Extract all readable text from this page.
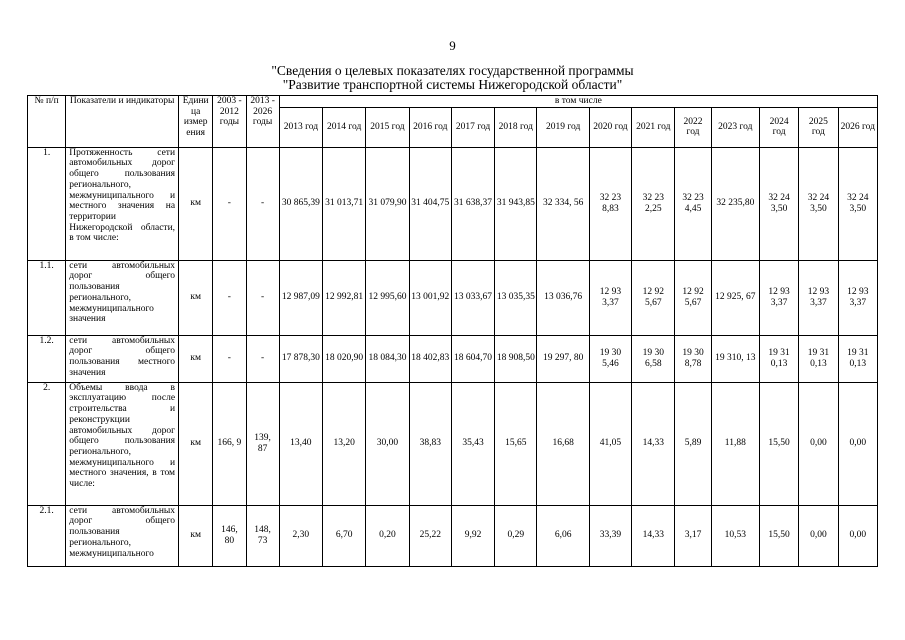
9
"Сведения о целевых показателях государственной программы
"Развитие транспортной системы Нижегородской области"
№ п/п	Показатели и индикаторы	Едини ца измер ения	2003 - 2012 годы	2013 - 2026 годы	в том числе													
					2013 год	2014 год	2015 год	2016 год	2017 год	2018 год	2019 год	2020 год	2021 год	2022 год	2023 год	2024 год	2025 год	2026 год
1.	Протяженность сети автомобильных дорог общего пользования регионального, межмуниципального и местного значения на территории Нижегородской области, в том числе:	км	-	-	30 865,39	31 013,71	31 079,90	31 404,75	31 638,37	31 943,85	32 334, 56	32 23 8,83	32 23 2,25	32 23 4,45	32 235,80	32 24 3,50	32 24 3,50	32 24 3,50
1.1.	сети автомобильных дорог общего пользования регионального, межмуниципального значения	км	-	-	12 987,09	12 992,81	12 995,60	13 001,92	13 033,67	13 035,35	13 036,76	12 93 3,37	12 92 5,67	12 92 5,67	12 925, 67	12 93 3,37	12 93 3,37	12 93 3,37
1.2.	сети автомобильных дорог общего пользования местного значения	км	-	-	17 878,30	18 020,90	18 084,30	18 402,83	18 604,70	18 908,50	19 297, 80	19 30 5,46	19 30 6,58	19 30 8,78	19 310, 13	19 31 0,13	19 31 0,13	19 31 0,13
2.	Объемы ввода в эксплуатацию после строительства и реконструкции автомобильных дорог общего пользования регионального, межмуниципального и местного значения, в том числе:	км	166, 9	139, 87	13,40	13,20	30,00	38,83	35,43	15,65	16,68	41,05	14,33	5,89	11,88	15,50	0,00	0,00
2.1.	сети автомобильных дорог общего пользования регионального, межмуниципального	км	146, 80	148, 73	2,30	6,70	0,20	25,22	9,92	0,29	6,06	33,39	14,33	3,17	10,53	15,50	0,00	0,00
